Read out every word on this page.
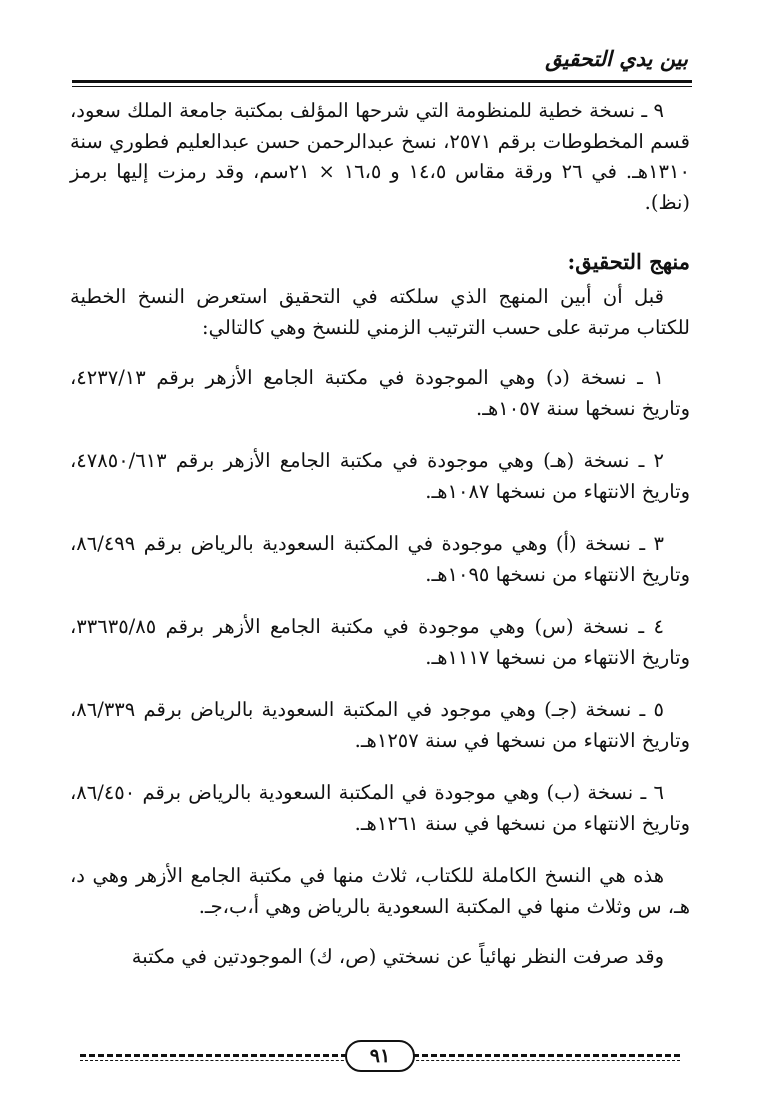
بين يدي التحقيق

٩ ـ نسخة خطية للمنظومة التي شرحها المؤلف بمكتبة جامعة الملك سعود، قسم المخطوطات برقم ٢٥٧١، نسخ عبدالرحمن حسن عبدالعليم فطوري سنة ١٣١٠هـ. في ٢٦ ورقة مقاس ١٤،٥ و ١٦،٥ × ٢١سم، وقد رمزت إليها برمز (نظ).

منهج التحقيق:

قبل أن أبين المنهج الذي سلكته في التحقيق استعرض النسخ الخطية للكتاب مرتبة على حسب الترتيب الزمني للنسخ وهي كالتالي:

١ ـ نسخة (د) وهي الموجودة في مكتبة الجامع الأزهر برقم ٤٢٣٧/١٣، وتاريخ نسخها سنة ١٠٥٧هـ.

٢ ـ نسخة (هـ) وهي موجودة في مكتبة الجامع الأزهر برقم ٤٧٨٥٠/٦١٣، وتاريخ الانتهاء من نسخها ١٠٨٧هـ.

٣ ـ نسخة (أ) وهي موجودة في المكتبة السعودية بالرياض برقم ٨٦/٤٩٩، وتاريخ الانتهاء من نسخها ١٠٩٥هـ.

٤ ـ نسخة (س) وهي موجودة في مكتبة الجامع الأزهر برقم ٣٣٦٣٥/٨٥، وتاريخ الانتهاء من نسخها ١١١٧هـ.

٥ ـ نسخة (جـ) وهي موجود في المكتبة السعودية بالرياض برقم ٨٦/٣٣٩، وتاريخ الانتهاء من نسخها في سنة ١٢٥٧هـ.

٦ ـ نسخة (ب) وهي موجودة في المكتبة السعودية بالرياض برقم ٨٦/٤٥٠، وتاريخ الانتهاء من نسخها في سنة ١٢٦١هـ.

هذه هي النسخ الكاملة للكتاب، ثلاث منها في مكتبة الجامع الأزهر وهي د، هـ، س وثلاث منها في المكتبة السعودية بالرياض وهي أ،ب،جـ.

وقد صرفت النظر نهائياً عن نسختي (ص، ك) الموجودتين في مكتبة

٩١
